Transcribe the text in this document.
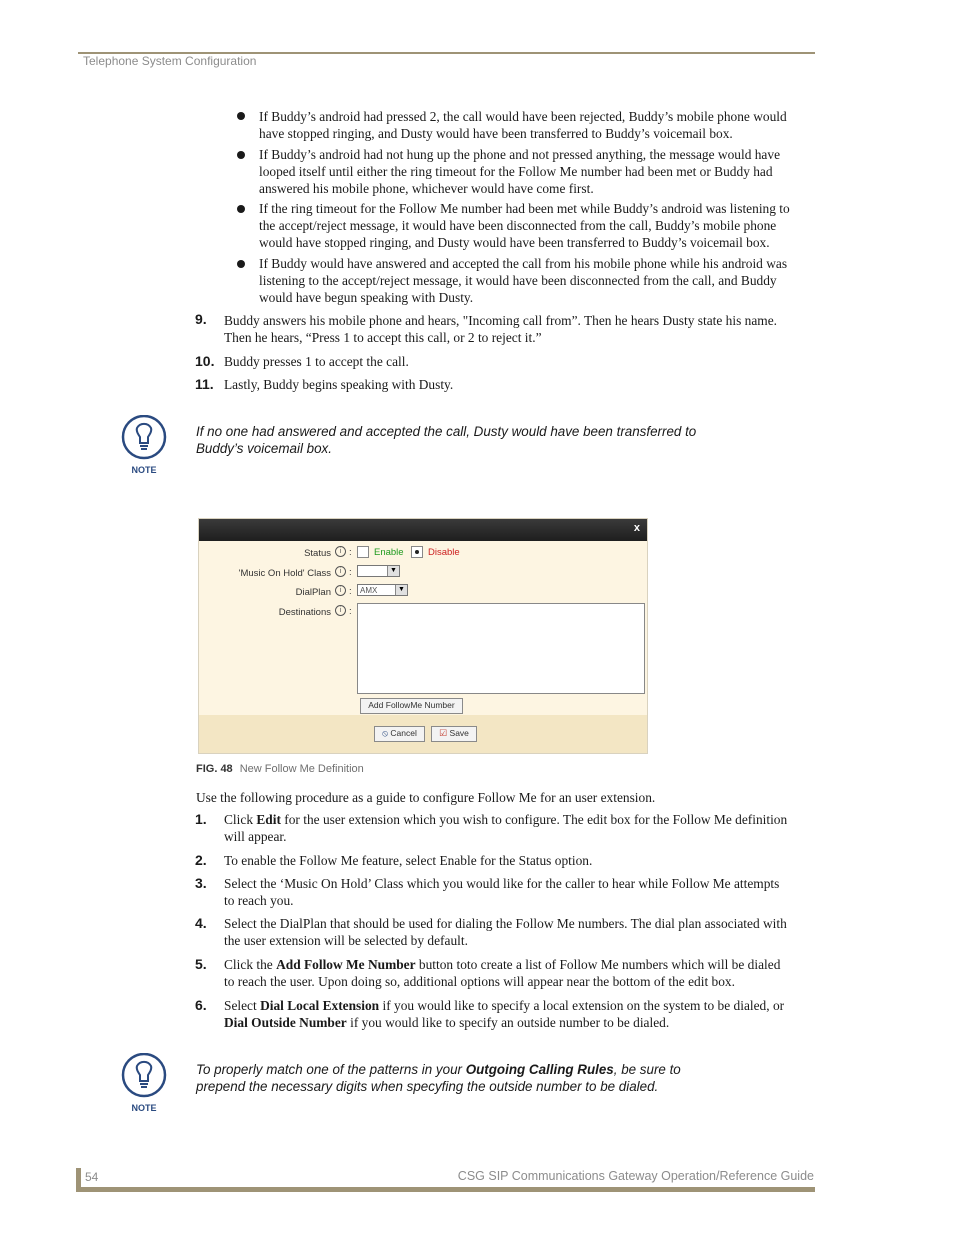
Telephone System Configuration
If Buddy’s android had pressed 2, the call would have been rejected, Buddy’s mobile phone would
have stopped ringing, and Dusty would have been transferred to Buddy’s voicemail box.
If Buddy’s android had not hung up the phone and not pressed anything, the message would have
looped itself until either the ring timeout for the Follow Me number had been met or Buddy had
answered his mobile phone, whichever would have come first.
If the ring timeout for the Follow Me number had been met while Buddy’s android was listening to
the accept/reject message, it would have been disconnected from the call, Buddy’s mobile phone
would have stopped ringing, and Dusty would have been transferred to Buddy’s voicemail box.
If Buddy would have answered and accepted the call from his mobile phone while his android was
listening to the accept/reject message, it would have been disconnected from the call, and Buddy
would have begun speaking with Dusty.
9. Buddy answers his mobile phone and hears, "Incoming call from”. Then he hears Dusty state his name.
Then he hears, “Press 1 to accept this call, or 2 to reject it.”
10. Buddy presses 1 to accept the call.
11. Lastly, Buddy begins speaking with Dusty.
NOTE
If no one had answered and accepted the call, Dusty would have been transferred to
Buddy’s voicemail box.
x
Status	i : Enable	Disable
'Music On Hold' Class	i :	▼
DialPlan	i :	AMX	▼
Destinations	i :
Add FollowMe Number
⦸ Cancel	☑ Save
FIG. 48 New Follow Me Definition
Use the following procedure as a guide to configure Follow Me for an user extension.
1. Click Edit for the user extension which you wish to configure. The edit box for the Follow Me definition
will appear.
2. To enable the Follow Me feature, select Enable for the Status option.
3. Select the ‘Music On Hold’ Class which you would like for the caller to hear while Follow Me attempts
to reach you.
4. Select the DialPlan that should be used for dialing the Follow Me numbers. The dial plan associated with
the user extension will be selected by default.
5. Click the Add Follow Me Number button toto create a list of Follow Me numbers which will be dialed
to reach the user. Upon doing so, additional options will appear near the bottom of the edit box.
6. Select Dial Local Extension if you would like to specify a local extension on the system to be dialed, or
Dial Outside Number if you would like to specify an outside number to be dialed.
NOTE
To properly match one of the patterns in your Outgoing Calling Rules, be sure to
prepend the necessary digits when specyfing the outside number to be dialed.
54	CSG SIP Communications Gateway Operation/Reference Guide
